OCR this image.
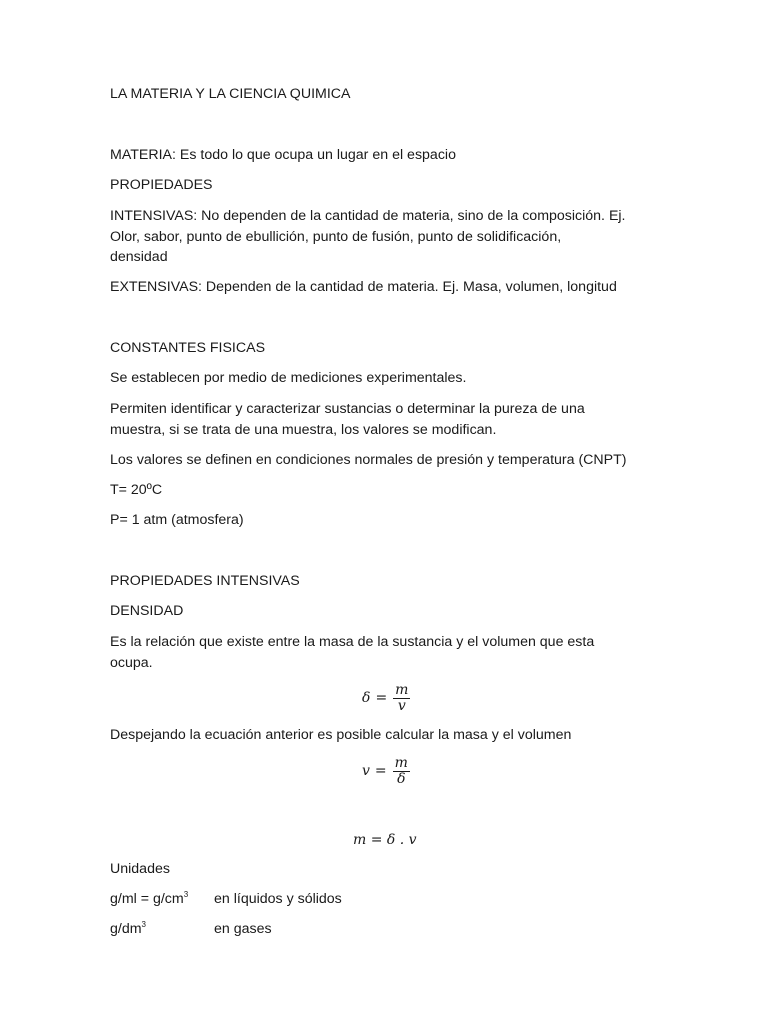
LA MATERIA Y LA CIENCIA QUIMICA
MATERIA: Es todo lo que ocupa un lugar en el espacio
PROPIEDADES
INTENSIVAS: No dependen de la cantidad de materia, sino de la composición. Ej.
Olor, sabor, punto de ebullición, punto de fusión, punto de solidificación,
densidad
EXTENSIVAS: Dependen de la cantidad de materia. Ej. Masa, volumen, longitud
CONSTANTES FISICAS
Se establecen por medio de mediciones experimentales.
Permiten identificar y caracterizar sustancias o determinar la pureza de una
muestra, si se trata de una muestra, los valores se modifican.
Los valores se definen en condiciones normales de presión y temperatura (CNPT)
T= 20ºC
P= 1 atm (atmosfera)
PROPIEDADES INTENSIVAS
DENSIDAD
Es la relación que existe entre la masa de la sustancia y el volumen que esta
ocupa.
$\delta = \frac{m}{v}$
Despejando la ecuación anterior es posible calcular la masa y el volumen
$v = \frac{m}{\delta}$
m = δ . v
Unidades
$g/ml = g/cm^3$ en líquidos y sólidos
$g/dm^3$	en gases
